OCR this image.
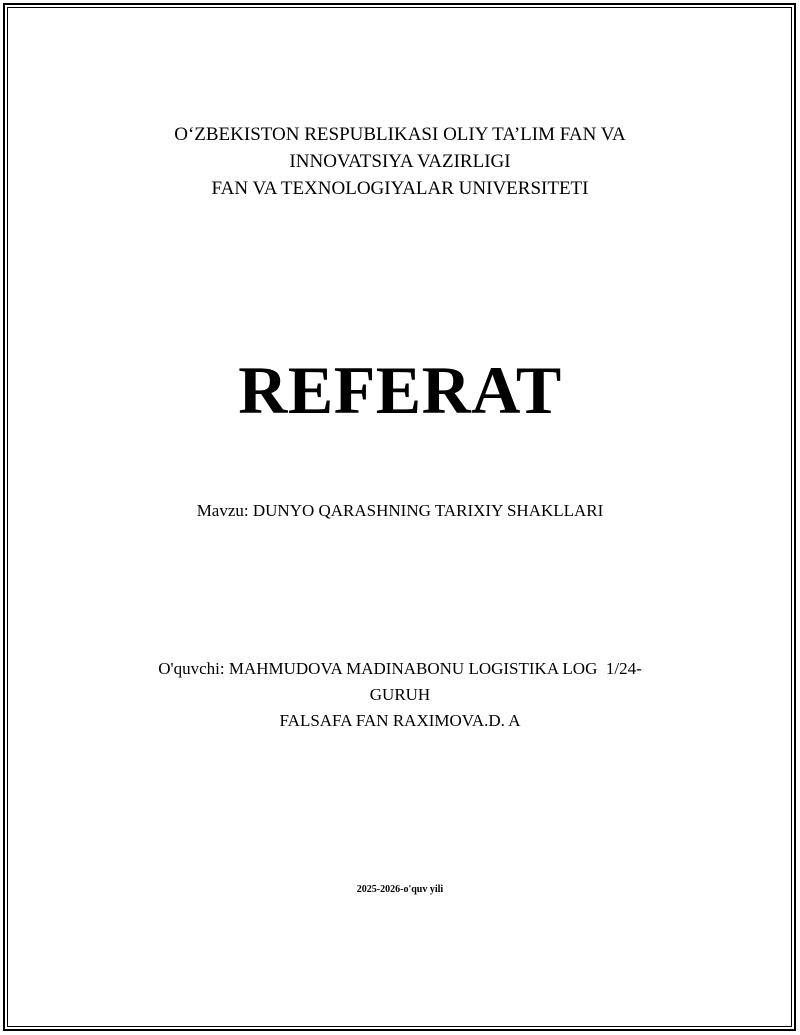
O‘ZBEKISTON RESPUBLIKASI OLIY TA’LIM FAN VA
INNOVATSIYA VAZIRLIGI
FAN VA TEXNOLOGIYALAR UNIVERSITETI
REFERAT
Mavzu: DUNYO QARASHNING TARIXIY SHAKLLARI
O'quvchi: MAHMUDOVA MADINABONU LOGISTIKA LOG  1/24-
GURUH
FALSAFA FAN RAXIMOVA.D. A
2025-2026-o'quv yili
